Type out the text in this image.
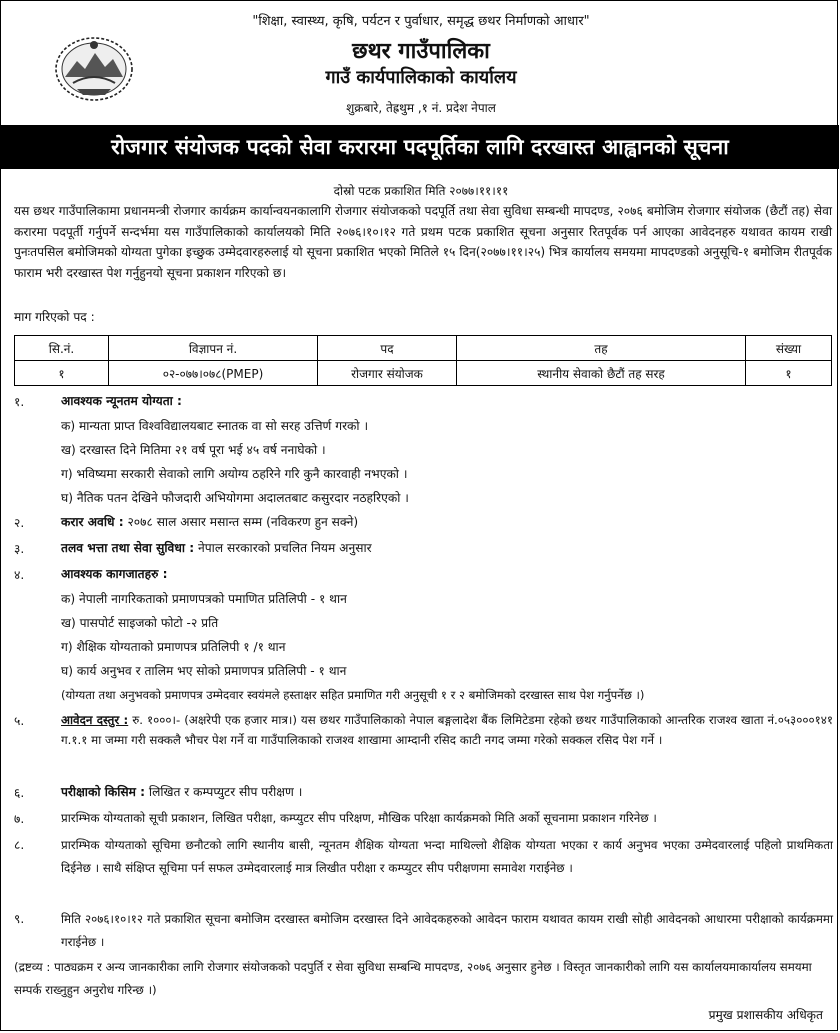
"शिक्षा, स्वास्थ्य, कृषि, पर्यटन र पुर्वाधार, समृद्ध छथर निर्माणको आधार"
छथर गाउँपालिका
गाउँ कार्यपालिकाको कार्यालय
शुक्रबारे, तेह्रथुम ,१ नं. प्रदेश नेपाल
रोजगार संयोजक पदको सेवा करारमा पदपूर्तिका लागि दरखास्त आह्वानको सूचना
दोस्रो पटक प्रकाशित मिति २०७७।११।११
यस छथर गाउँपालिकामा प्रधानमन्त्री रोजगार कार्यक्रम कार्यान्वयनकालागि रोजगार संयोजकको पदपूर्ति तथा सेवा सुविधा सम्बन्धी मापदण्ड, २०७६ बमोजिम रोजगार संयोजक (छैटौं तह) सेवा करारमा पदपूर्ती गर्नुपर्ने सन्दर्भमा यस गाउँपालिकाको कार्यालयको मिति २०७६।१०।१२ गते प्रथम पटक प्रकाशित सूचना अनुसार रितपूर्वक पर्न आएका आवेदनहरु यथावत कायम राखी पुनःतपसिल बमोजिमको योग्यता पुगेका इच्छुक उम्मेदवारहरुलाई यो सूचना प्रकाशित भएको मितिले १५ दिन(२०७७।११।२५) भित्र कार्यालय समयमा मापदण्डको अनुसूचि-१ बमोजिम रीतपूर्वक फाराम भरी दरखास्त पेश गर्नुहुनयो सूचना प्रकाशन गरिएको छ।
माग गरिएको पद :
सि.नं.	विज्ञापन नं.	पद	तह	संख्या
१	०२-०७७।०७८(PMEP)	रोजगार संयोजक	स्थानीय सेवाको छैटौं तह सरह	१
१.	आवश्यक न्यूनतम योग्यता :
क) मान्यता प्राप्त विश्वविद्यालयबाट स्नातक वा सो सरह उत्तिर्ण गरको ।
ख) दरखास्त दिने मितिमा २१ वर्ष पूरा भई ४५ वर्ष ननाघेको ।
ग) भविष्यमा सरकारी सेवाको लागि अयोग्य ठहरिने गरि कुनै कारवाही नभएको ।
घ) नैतिक पतन देखिने फौजदारी अभियोगमा अदालतबाट कसुरदार नठहरिएको ।
२.	करार अवधि : २०७८ साल असार मसान्त सम्म (नविकरण हुन सक्ने)
३.	तलव भत्ता तथा सेवा सुविधा : नेपाल सरकारको प्रचलित नियम अनुसार
४.	आवश्यक कागजातहरु :
क) नेपाली नागरिकताको प्रमाणपत्रको पमाणित प्रतिलिपी - १ थान
ख) पासपोर्ट साइजको फोटो -२ प्रति
ग) शैक्षिक योग्यताको प्रमाणपत्र प्रतिलिपी १ /१ थान
घ) कार्य अनुभव र तालिम भए सोको प्रमाणपत्र प्रतिलिपी - १ थान
(योग्यता तथा अनुभवको प्रमाणपत्र उम्मेदवार स्वयंमले हस्ताक्षर सहित प्रमाणित गरी अनुसूची १ र २ बमोजिमको दरखास्त साथ पेश गर्नुपर्नेछ ।)
५.	आवेदन दस्तुर : रु. १०००।- (अक्षरेपी एक हजार मात्र।) यस छथर गाउँपालिकाको नेपाल बङ्गलादेश बैंक लिमिटेडमा रहेको छथर गाउँपालिकाको आन्तरिक राजश्व खाता नं.०५३०००१४१ ग.१.१ मा जम्मा गरी सक्कलै भौचर पेश गर्ने वा गाउँपालिकाको राजश्व शाखामा आम्दानी रसिद काटी नगद जम्मा गरेको सक्कल रसिद पेश गर्ने ।
६.	परीक्षाको किसिम : लिखित र कम्पप्युटर सीप परीक्षण ।
७.	प्रारम्भिक योग्यताको सूची प्रकाशन, लिखित परीक्षा, कम्प्युटर सीप परिक्षण, मौखिक परिक्षा कार्यक्रमको मिति अर्को सूचनामा प्रकाशन गरिनेछ ।
८.	प्रारम्भिक योग्यताको सूचिमा छनौटको लागि स्थानीय बासी, न्यूनतम शैक्षिक योग्यता भन्दा माथिल्लो शैक्षिक योग्यता भएका र कार्य अनुभव भएका उम्मेदवारलाई पहिलो प्राथमिकता दिईनेछ । साथै संक्षिप्त सूचिमा पर्न सफल उम्मेदवारलाई मात्र लिखीत परीक्षा र कम्प्युटर सीप परीक्षणमा समावेश गराईनेछ ।
९.	मिति २०७६।१०।१२ गते प्रकाशित सूचना बमोजिम दरखास्त बमोजिम दरखास्त दिने आवेदकहरुको आवेदन फाराम यथावत कायम राखी सोही आवेदनको आधारमा परीक्षाको कार्यक्रममा गराईनेछ ।
(द्रष्टव्य : पाठ्यक्रम र अन्य जानकारीका लागि रोजगार संयोजकको पदपुर्ति र सेवा सुविधा सम्बन्धि मापदण्ड, २०७६ अनुसार हुनेछ । विस्तृत जानकारीको लागि यस कार्यालयमाकार्यालय समयमा सम्पर्क राख्नुहुन अनुरोध गरिन्छ ।)
प्रमुख प्रशासकीय अधिकृत
